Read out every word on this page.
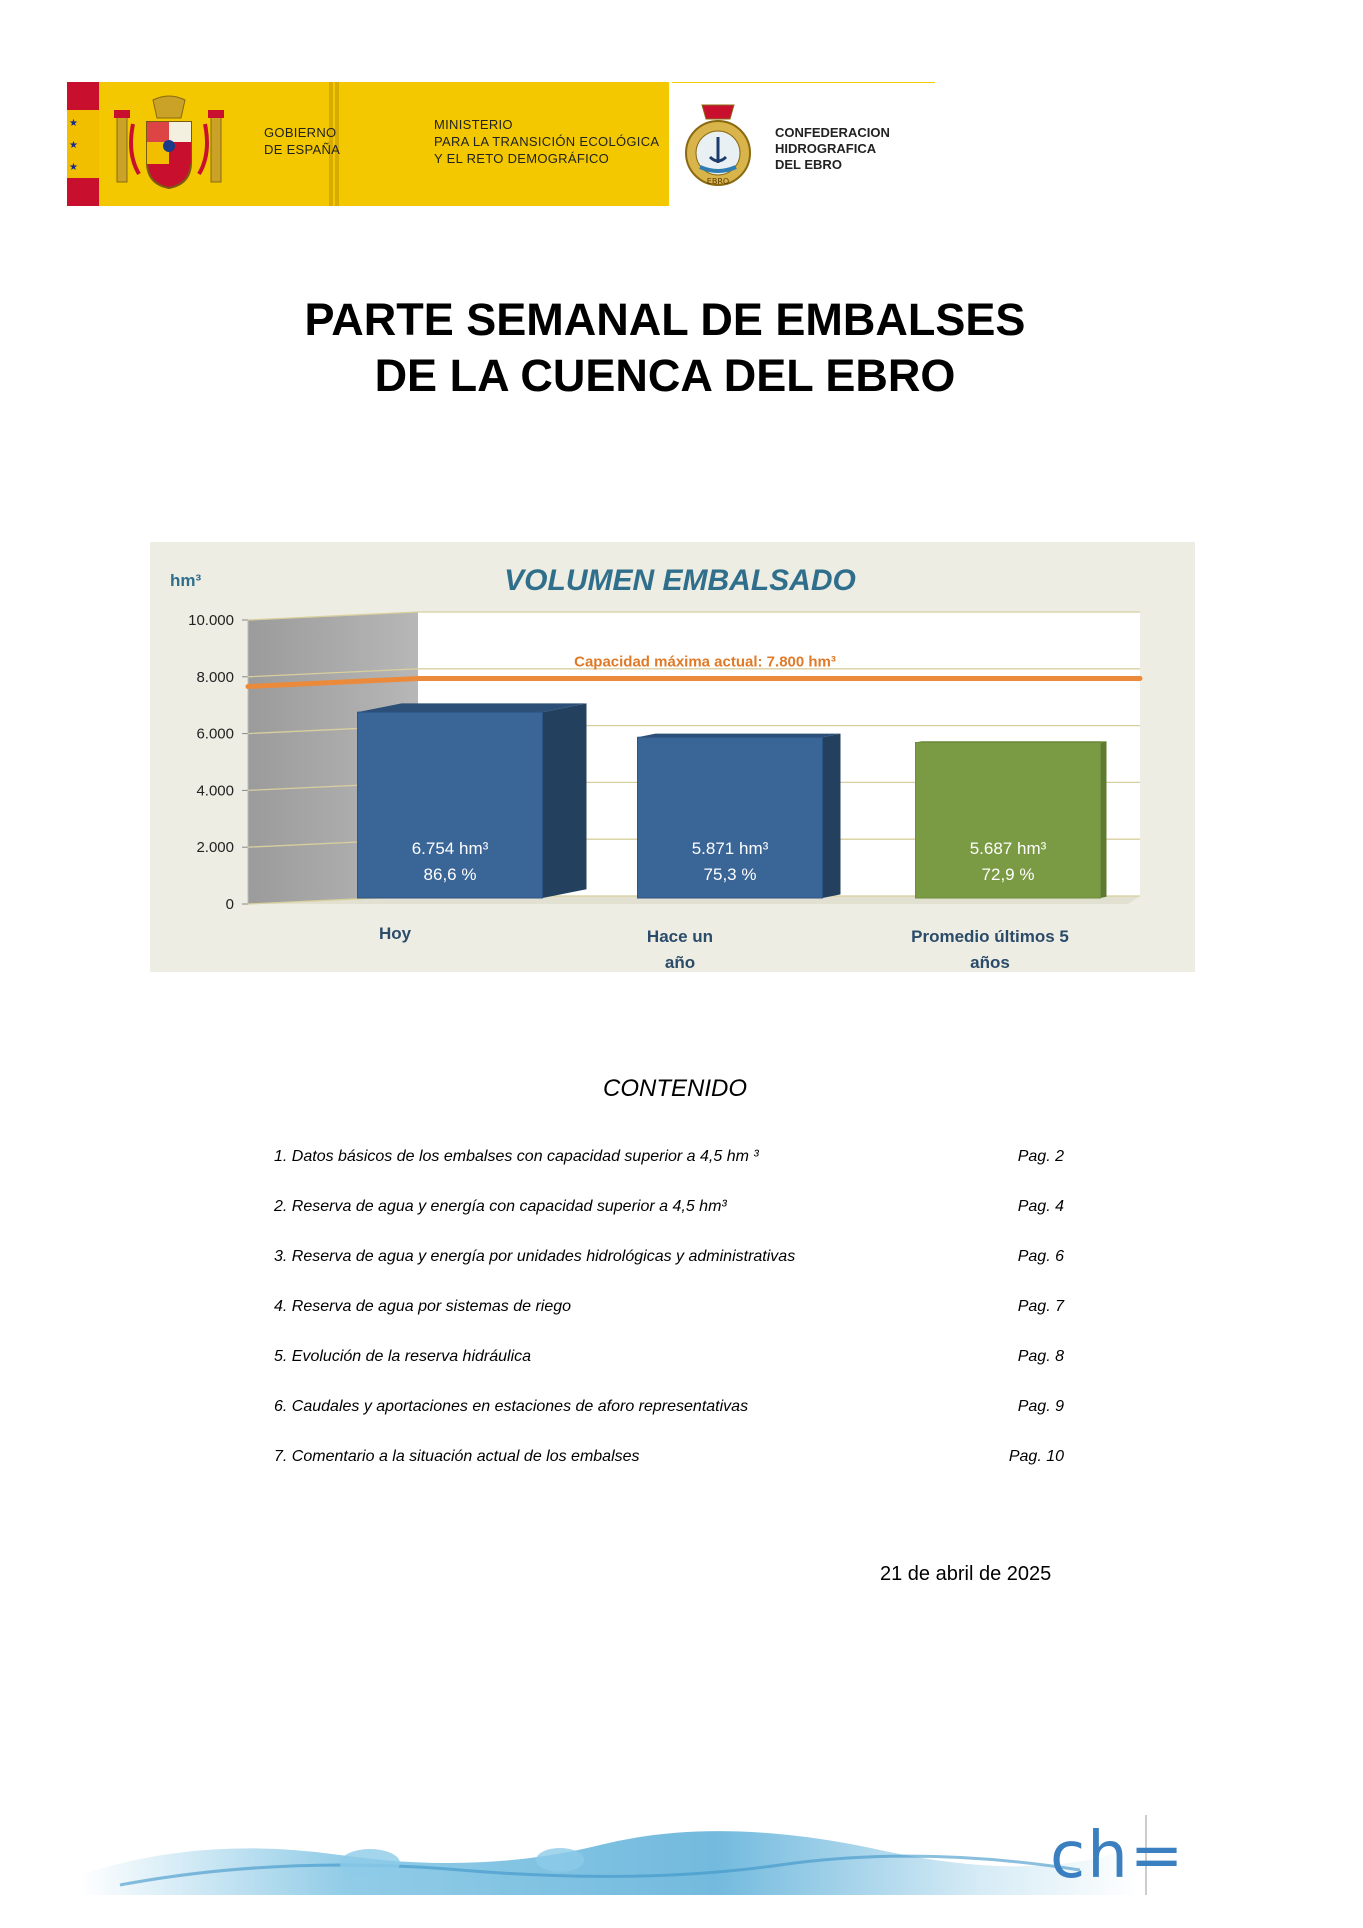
★
★
★
GOBIERNO
DE ESPAÑA
MINISTERIO
PARA LA TRANSICIÓN ECOLÓGICA
Y EL RETO DEMOGRÁFICO
EBRO
CONFEDERACION
HIDROGRAFICA
DEL EBRO
PARTE SEMANAL DE EMBALSES
DE LA CUENCA DEL EBRO
VOLUMEN EMBALSADO
hm³
0
2.000
4.000
6.000
8.000
10.000
Capacidad máxima actual: 7.800 hm³
6.754 hm³
86,6 %
Hoy
5.871 hm³
75,3 %
Hace un
año
5.687 hm³
72,9 %
Promedio últimos 5
años
CONTENIDO
1. Datos básicos de los embalses con capacidad superior a 4,5 hm ³	Pag. 2
2. Reserva de agua y energía con capacidad superior a 4,5 hm³	Pag. 4
3. Reserva de agua y energía por unidades hidrológicas y administrativas	Pag. 6
4. Reserva de agua por sistemas de riego	Pag. 7
5. Evolución de la reserva hidráulica	Pag. 8
6. Caudales y aportaciones en estaciones de aforo representativas	Pag. 9
7. Comentario a la situación actual de los embalses	Pag. 10
21 de abril de 2025
ch=
